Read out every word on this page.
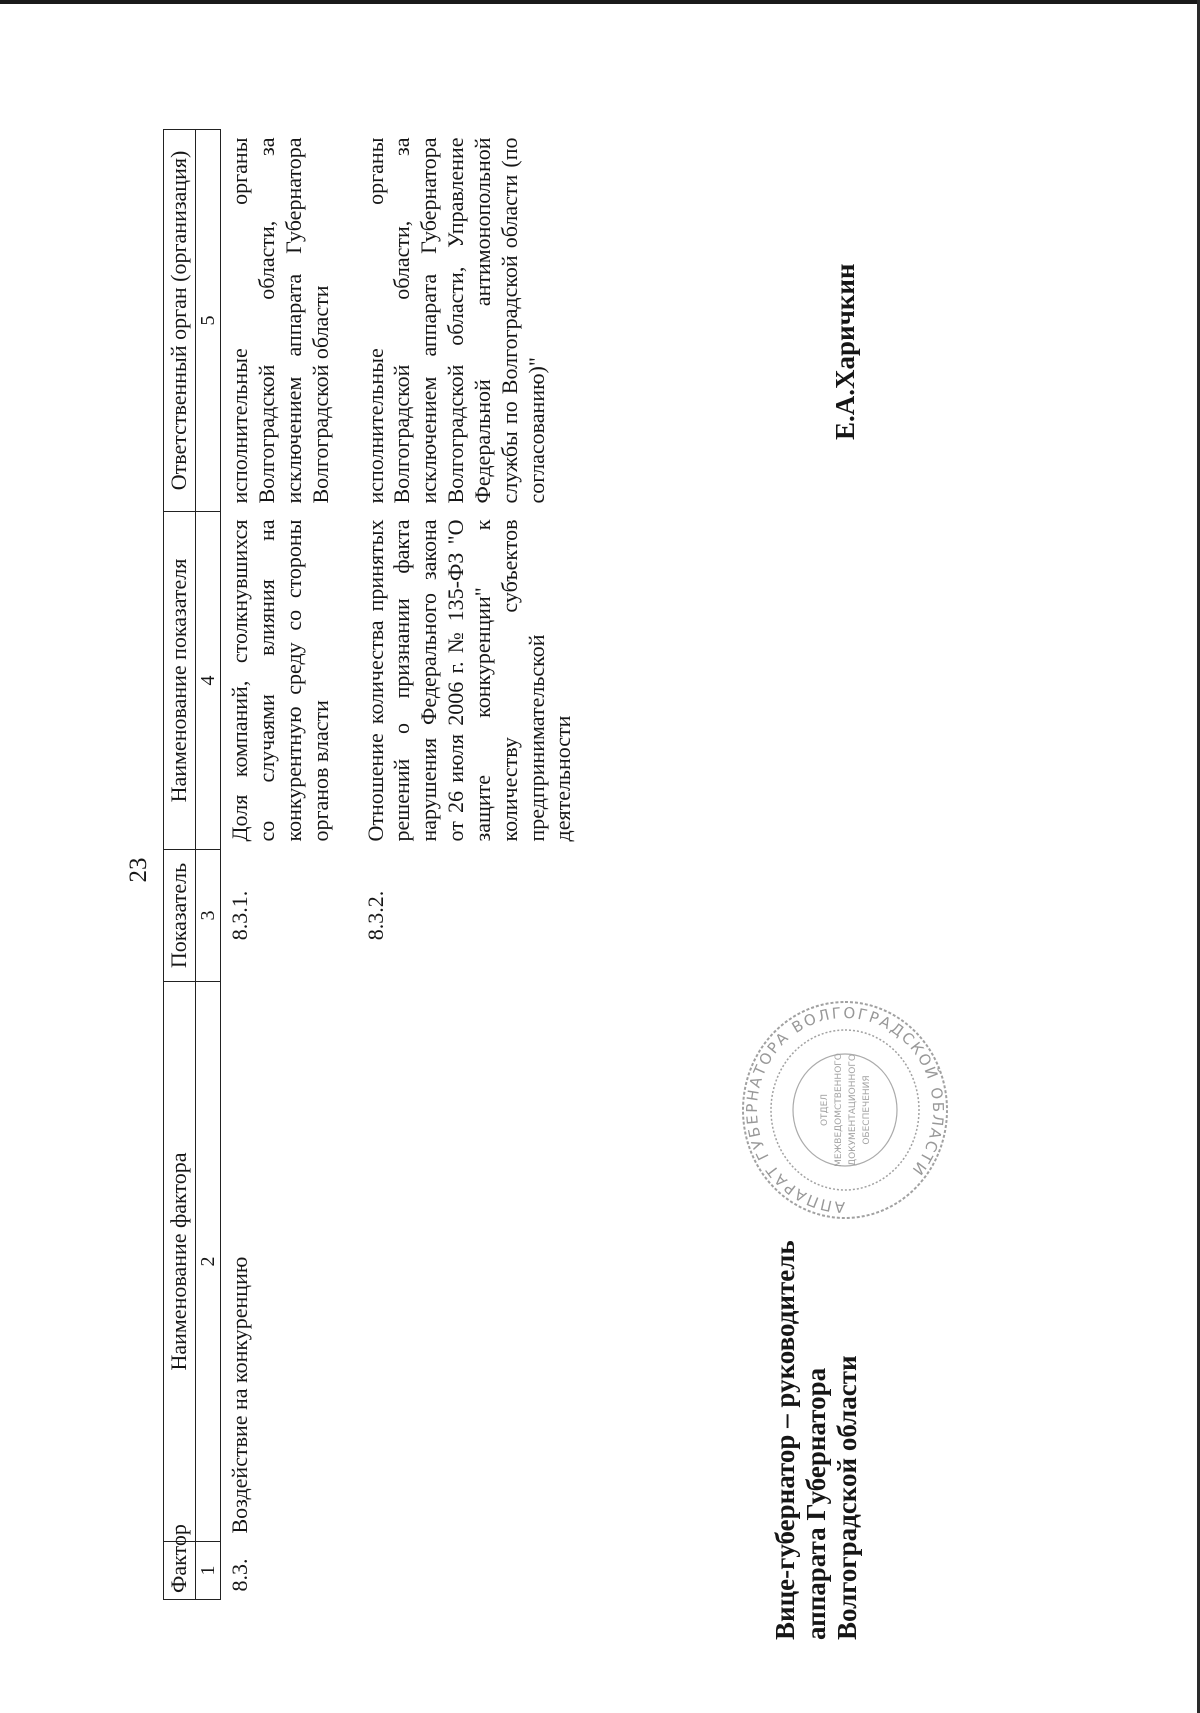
23
Фактор	Наименование фактора	Показатель	Наименование показателя	Ответственный орган (организация)
1	2	3	4	5
8.3.	Воздействие на конкуренцию	8.3.1.	Доля компаний, столкнувшихся со случаями влияния на конкурентную среду со стороны органов власти	исполнительные органы Волгоградской области, за исключением аппарата Губернатора Волгоградской области
		8.3.2.	Отношение количества принятых решений о признании факта нарушения Федерального закона от 26 июля 2006 г. № 135-ФЗ "О защите конкуренции" к количеству субъектов предпринимательской деятельности	исполнительные органы Волгоградской области, за исключением аппарата Губернатора Волгоградской области, Управление Федеральной антимонопольной службы по Волгоградской области (по согласованию)"
Вице-губернатор – руководитель аппарата Губернатора Волгоградской области
АППАРАТ ГУБЕРНАТОРА ВОЛГОГРАДСКОЙ ОБЛАСТИ
ОТДЕЛ МЕЖВЕДОМСТВЕННОГО ДОКУМЕНТАЦИОННОГО ОБЕСПЕЧЕНИЯ
Е.А.Харичкин
